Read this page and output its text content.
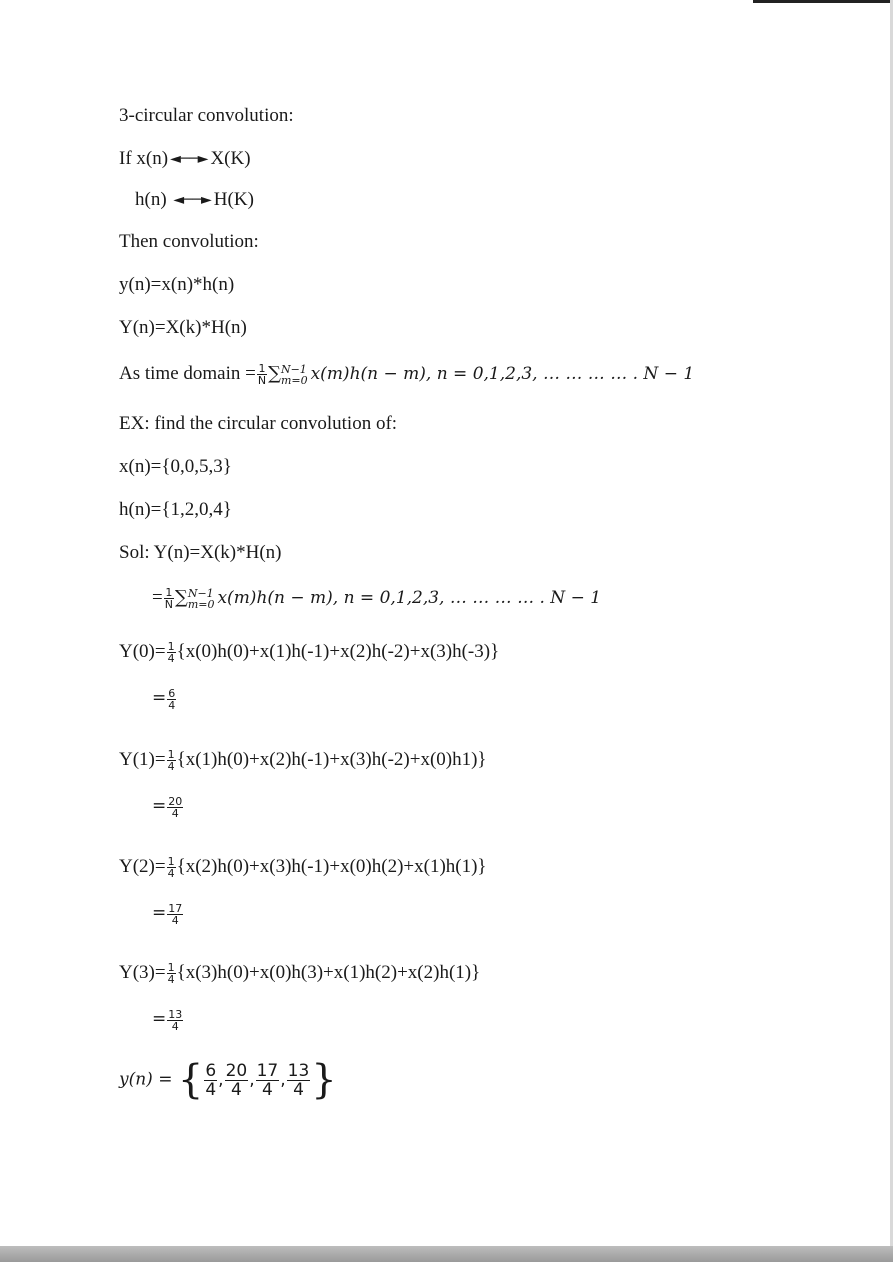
3-circular convolution:
If x(n) ◄──► X(K)
h(n) ◄──► H(K)
Then convolution:
y(n)=x(n)*h(n)
Y(n)=X(k)*H(n)
As time domain = $\frac{1}{N}$ ∑ N−1
m=0 x(m)h(n − m), n = 0,1,2,3, … … … … . N − 1
EX: find the circular convolution of:
x(n)={0,0,5,3}
h(n)={1,2,0,4}
Sol: Y(n)=X(k)*H(n)
= $\frac{1}{N}$ ∑ N−1
m=0 x(m)h(n − m), n = 0,1,2,3, … … … … . N − 1
$Y(0)= \frac{1}{4} \{x(0)h(0)+x(1)h(-1)+x(2)h(-2)+x(3)h(-3)\}$
= $\frac{6}{4}$
$Y(1)= \frac{1}{4} \{x(1)h(0)+x(2)h(-1)+x(3)h(-2)+x(0)h1)$}
= $\frac{20}{4}$
$Y(2)= \frac{1}{4} \{x(2)h(0)+x(3)h(-1)+x(0)h(2)+x(1)h(1)\}$
= $\frac{17}{4}$
$Y(3)= \frac{1}{4} \{x(3)h(0)+x(0)h(3)+x(1)h(2)+x(2)h(1)\}$
= $\frac{13}{4}$
y(n) = { $\frac{6}{4}$ , $\frac{20}{4}$ , $\frac{17}{4}$ , $\frac{13}{4}$ }
